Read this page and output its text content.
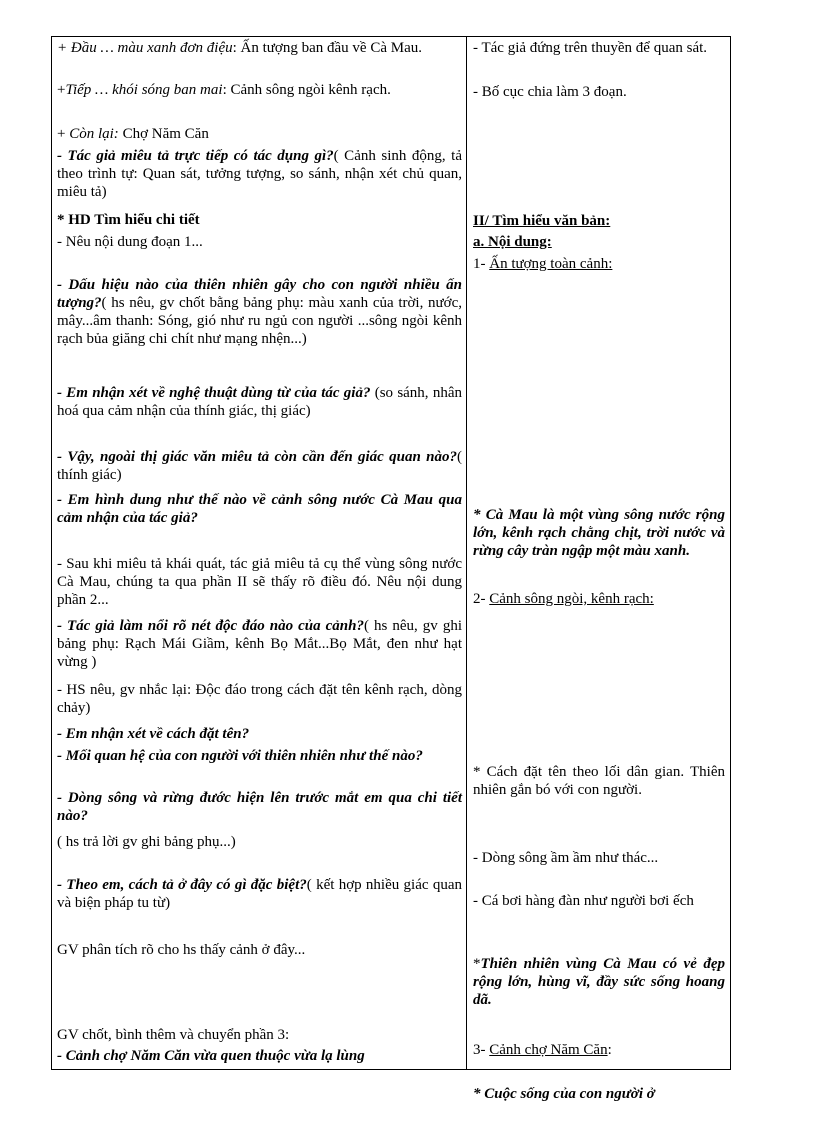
+ Đầu … màu xanh đơn điệu: Ấn tượng ban đầu về Cà Mau.
+Tiếp … khói sóng ban mai: Cảnh sông ngòi kênh rạch.
+ Còn lại: Chợ Năm Căn
- Tác giả miêu tả trực tiếp có tác dụng gì?( Cảnh sinh động, tả theo trình tự: Quan sát, tưởng tượng, so sánh, nhận xét chủ quan, miêu tả)
* HD Tìm hiểu chi tiết
- Nêu nội dung đoạn 1...
- Dấu hiệu nào của thiên nhiên gây cho con người nhiều ấn tượng?( hs nêu, gv chốt bằng bảng phụ: màu xanh của trời, nước, mây...âm thanh: Sóng, gió như ru ngủ con người ...sông ngòi kênh rạch bủa giăng chi chít như mạng nhện...)
- Em nhận xét về nghệ thuật dùng từ của tác giả? (so sánh, nhân hoá qua cảm nhận của thính giác, thị giác)
- Vậy, ngoài thị giác văn miêu tả còn cần đến giác quan nào?( thính giác)
- Em hình dung như thế nào về cảnh sông nước Cà Mau qua cảm nhận của tác giả?
- Sau khi miêu tả khái quát, tác giả miêu tả cụ thể vùng sông nước Cà Mau, chúng ta qua phần II sẽ thấy rõ điều đó. Nêu nội dung phần 2...
- Tác giả làm nổi rõ nét độc đáo nào của cảnh?( hs nêu, gv ghi bảng phụ: Rạch Mái Giầm, kênh Bọ Mắt...Bọ Mắt, đen như hạt vừng )
- HS nêu, gv nhắc lại: Độc đáo trong cách đặt tên kênh rạch, dòng chảy)
- Em nhận xét về cách đặt tên?
- Mối quan hệ của con người với thiên nhiên như thế nào?
- Dòng sông và rừng đước hiện lên trước mắt em qua chi tiết nào?
( hs trả lời gv ghi bảng phụ...)
- Theo em, cách tả ở đây có gì đặc biệt?( kết hợp nhiều giác quan và biện pháp tu từ)
GV phân tích rõ cho hs thấy cảnh ở đây...
GV chốt, bình thêm và chuyển phần 3:
- Cảnh chợ Năm Căn vừa quen thuộc vừa lạ lùng
- Tác giả đứng trên thuyền để quan sát.
- Bố cục chia làm 3 đoạn.
II/ Tìm hiểu văn bản:
a. Nội dung:
1- Ấn tượng toàn cảnh:
* Cà Mau là một vùng sông nước rộng lớn, kênh rạch chằng chịt, trời nước và rừng cây tràn ngập một màu xanh.
2- Cảnh sông ngòi, kênh rạch:
* Cách đặt tên theo lối dân gian. Thiên nhiên gắn bó với con người.
- Dòng sông ầm ầm như thác...
- Cá bơi hàng đàn như người bơi ếch
*Thiên nhiên vùng Cà Mau có vẻ đẹp rộng lớn, hùng vĩ, đầy sức sống hoang dã.
3- Cảnh chợ Năm Căn:
* Cuộc sống của con người ở
